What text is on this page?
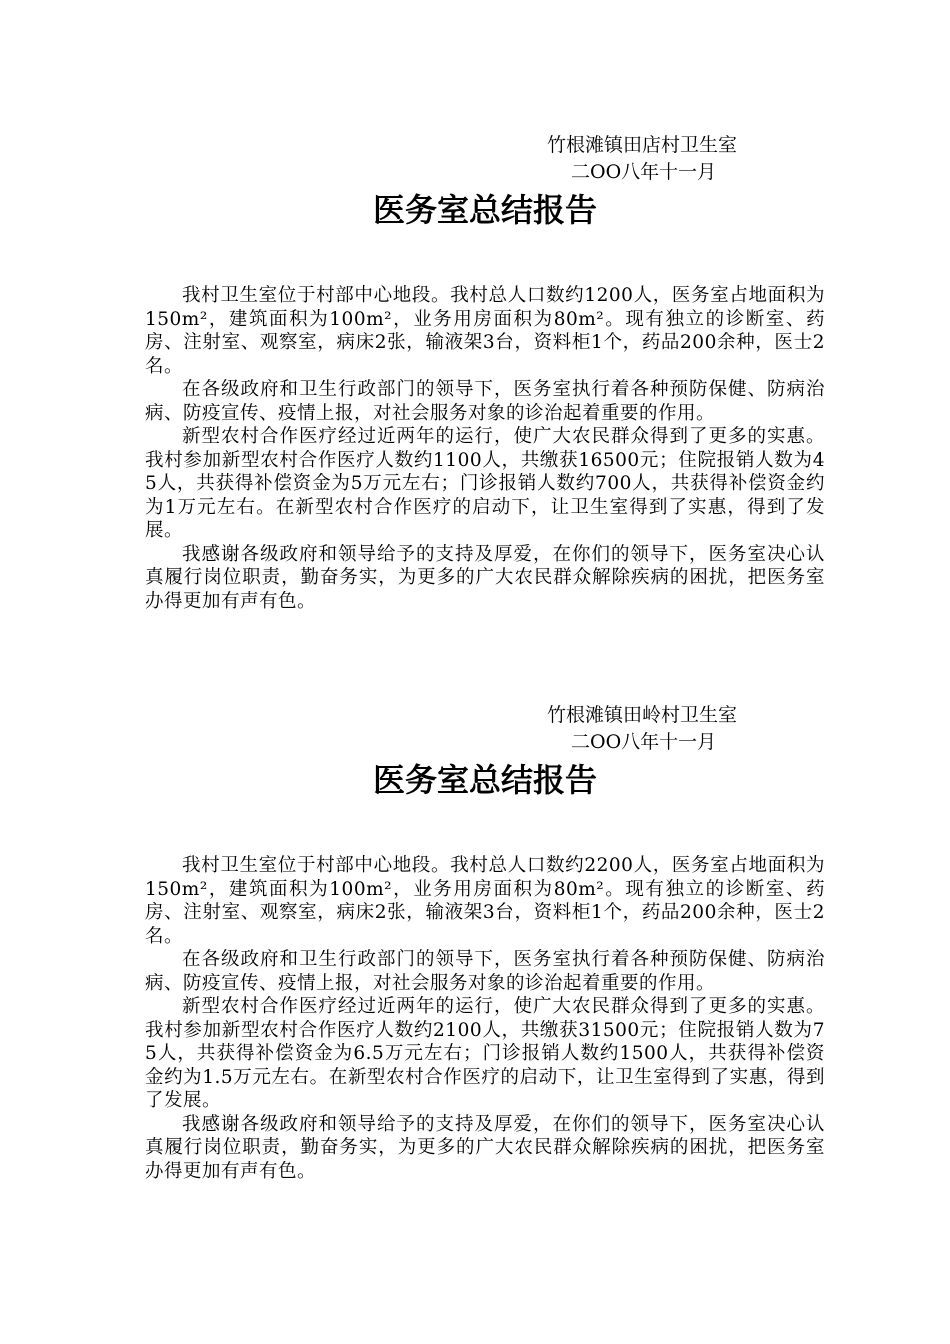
竹根滩镇田店村卫生室
二OO八年十一月
医务室总结报告

我村卫生室位于村部中心地段。我村总人口数约1200人，医务室占地面积为150m²，建筑面积为100m²，业务用房面积为80m²。现有独立的诊断室、药房、注射室、观察室，病床2张，输液架3台，资料柜1个，药品200余种，医士2名。

在各级政府和卫生行政部门的领导下，医务室执行着各种预防保健、防病治病、防疫宣传、疫情上报，对社会服务对象的诊治起着重要的作用。

新型农村合作医疗经过近两年的运行，使广大农民群众得到了更多的实惠。我村参加新型农村合作医疗人数约1100人，共缴获16500元；住院报销人数为45人，共获得补偿资金为5万元左右；门诊报销人数约700人，共获得补偿资金约为1万元左右。在新型农村合作医疗的启动下，让卫生室得到了实惠，得到了发展。

我感谢各级政府和领导给予的支持及厚爱，在你们的领导下，医务室决心认真履行岗位职责，勤奋务实，为更多的广大农民群众解除疾病的困扰，把医务室办得更加有声有色。

竹根滩镇田岭村卫生室
二OO八年十一月
医务室总结报告

我村卫生室位于村部中心地段。我村总人口数约2200人，医务室占地面积为150m²，建筑面积为100m²，业务用房面积为80m²。现有独立的诊断室、药房、注射室、观察室，病床2张，输液架3台，资料柜1个，药品200余种，医士2名。

在各级政府和卫生行政部门的领导下，医务室执行着各种预防保健、防病治病、防疫宣传、疫情上报，对社会服务对象的诊治起着重要的作用。

新型农村合作医疗经过近两年的运行，使广大农民群众得到了更多的实惠。我村参加新型农村合作医疗人数约2100人，共缴获31500元；住院报销人数为75人，共获得补偿资金为6.5万元左右；门诊报销人数约1500人，共获得补偿资金约为1.5万元左右。在新型农村合作医疗的启动下，让卫生室得到了实惠，得到了发展。

我感谢各级政府和领导给予的支持及厚爱，在你们的领导下，医务室决心认真履行岗位职责，勤奋务实，为更多的广大农民群众解除疾病的困扰，把医务室办得更加有声有色。
